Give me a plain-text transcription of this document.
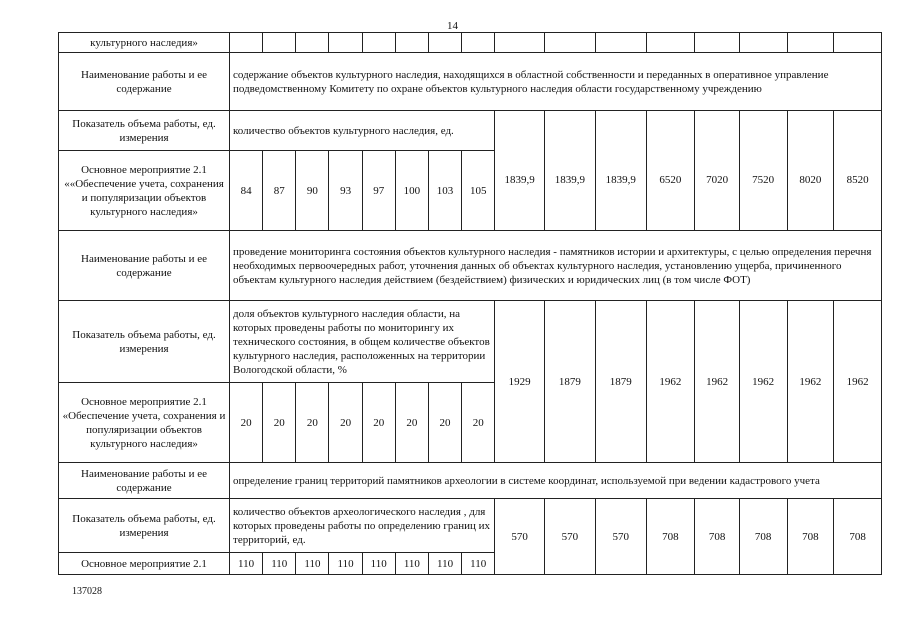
14
культурного наследия»																
Наименование работы и ее содержание	содержание объектов культурного наследия, находящихся в областной собственности и переданных в оперативное управление подведомственному Комитету по охране объектов культурного наследия области государственному учреждению															
Показатель объема работы, ед. измерения	количество объектов культурного наследия, ед.								1839,9	1839,9	1839,9	6520	7020	7520	8020	8520
Основное мероприятие 2.1 ««Обеспечение учета, сохранения и популяризации объектов культурного наследия»	84	87	90	93	97	100	103	105								
Наименование работы и ее содержание	проведение мониторинга состояния объектов культурного наследия - памятников истории и архитектуры, с целью определения перечня необходимых первоочередных работ, уточнения данных об объектах культурного наследия, установлению ущерба, причиненного объектам культурного наследия действием (бездействием) физических и юридических лиц (в том числе ФОТ)															
Показатель объема работы, ед. измерения	доля объектов культурного наследия области, на которых проведены работы по мониторингу их технического состояния, в общем количестве объектов культурного наследия, расположенных на территории Вологодской области, %								1929	1879	1879	1962	1962	1962	1962	1962
Основное мероприятие 2.1 «Обеспечение учета, сохранения и популяризации объектов культурного наследия»	20	20	20	20	20	20	20	20								
Наименование работы и ее содержание	определение границ территорий памятников археологии в системе координат, используемой при ведении кадастрового учета															
Показатель объема работы, ед. измерения	количество объектов археологического наследия , для которых проведены работы по определению границ их территорий, ед.								570	570	570	708	708	708	708	708
Основное мероприятие 2.1	110	110	110	110	110	110	110	110								
137028
